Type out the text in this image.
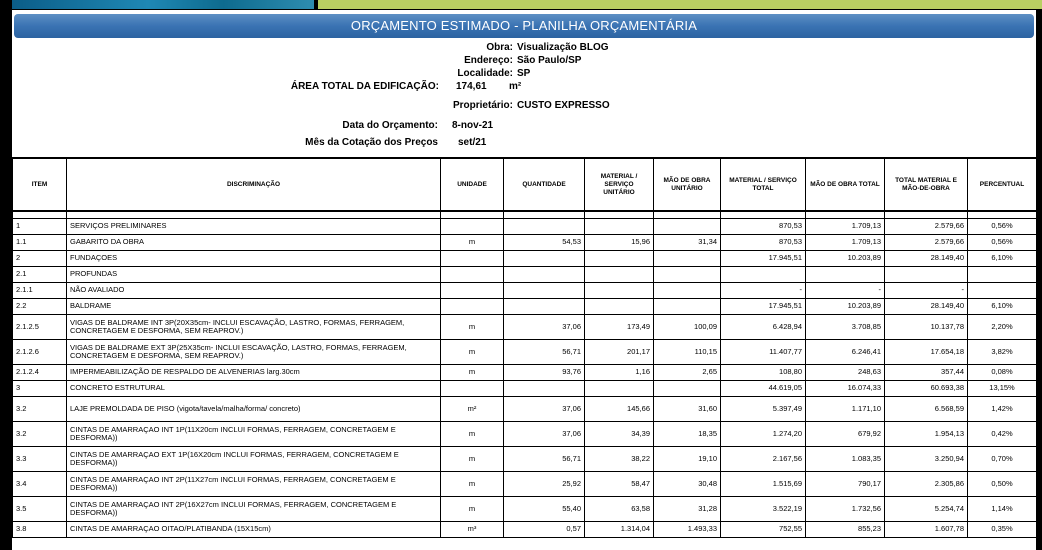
ORÇAMENTO ESTIMADO - PLANILHA ORÇAMENTÁRIA
Obra: Visualização BLOG
Endereço: São Paulo/SP
Localidade: SP
ÁREA TOTAL DA EDIFICAÇÃO: 174,61 m²
Proprietário: CUSTO EXPRESSO
Data do Orçamento: 8-nov-21
Mês da Cotação dos Preços set/21
ITEM	DISCRIMINAÇÃO	UNIDADE	QUANTIDADE	MATERIAL / SERVIÇO UNITÁRIO	MÃO DE OBRA UNITÁRIO	MATERIAL / SERVIÇO TOTAL	MÃO DE OBRA TOTAL	TOTAL MATERIAL E MÃO-DE-OBRA	PERCENTUAL

1	SERVIÇOS PRELIMINARES					870,53	1.709,13	2.579,66	0,56%
1.1	GABARITO DA OBRA	m	54,53	15,96	31,34	870,53	1.709,13	2.579,66	0,56%
2	FUNDAÇOES					17.945,51	10.203,89	28.149,40	6,10%
2.1	PROFUNDAS								
2.1.1	NÃO AVALIADO					-	-	-	
2.2	BALDRAME					17.945,51	10.203,89	28.149,40	6,10%
2.1.2.5	VIGAS DE BALDRAME INT 3P(20X35cm- INCLUI ESCAVAÇÃO, LASTRO, FORMAS, FERRAGEM, CONCRETAGEM E DESFORMA, SEM REAPROV.)	m	37,06	173,49	100,09	6.428,94	3.708,85	10.137,78	2,20%
2.1.2.6	VIGAS DE BALDRAME EXT 3P(25X35cm- INCLUI ESCAVAÇÃO, LASTRO, FORMAS, FERRAGEM, CONCRETAGEM E DESFORMA, SEM REAPROV.)	m	56,71	201,17	110,15	11.407,77	6.246,41	17.654,18	3,82%
2.1.2.4	IMPERMEABILIZAÇÃO DE RESPALDO DE ALVENERIAS larg.30cm	m	93,76	1,16	2,65	108,80	248,63	357,44	0,08%
3	CONCRETO ESTRUTURAL					44.619,05	16.074,33	60.693,38	13,15%
3.2	LAJE PREMOLDADA DE PISO (vigota/tavela/malha/forma/ concreto)	m²	37,06	145,66	31,60	5.397,49	1.171,10	6.568,59	1,42%
3.2	CINTAS DE AMARRAÇAO INT 1P(11X20cm INCLUI FORMAS, FERRAGEM, CONCRETAGEM E DESFORMA))	m	37,06	34,39	18,35	1.274,20	679,92	1.954,13	0,42%
3.3	CINTAS DE AMARRAÇAO EXT 1P(16X20cm INCLUI FORMAS, FERRAGEM, CONCRETAGEM E DESFORMA))	m	56,71	38,22	19,10	2.167,56	1.083,35	3.250,94	0,70%
3.4	CINTAS DE AMARRAÇAO INT 2P(11X27cm INCLUI FORMAS, FERRAGEM, CONCRETAGEM E DESFORMA))	m	25,92	58,47	30,48	1.515,69	790,17	2.305,86	0,50%
3.5	CINTAS DE AMARRAÇAO INT 2P(16X27cm INCLUI FORMAS, FERRAGEM, CONCRETAGEM E DESFORMA))	m	55,40	63,58	31,28	3.522,19	1.732,56	5.254,74	1,14%
3.8	CINTAS DE AMARRAÇAO OITAO/PLATIBANDA (15X15cm)	m³	0,57	1.314,04	1.493,33	752,55	855,23	1.607,78	0,35%
